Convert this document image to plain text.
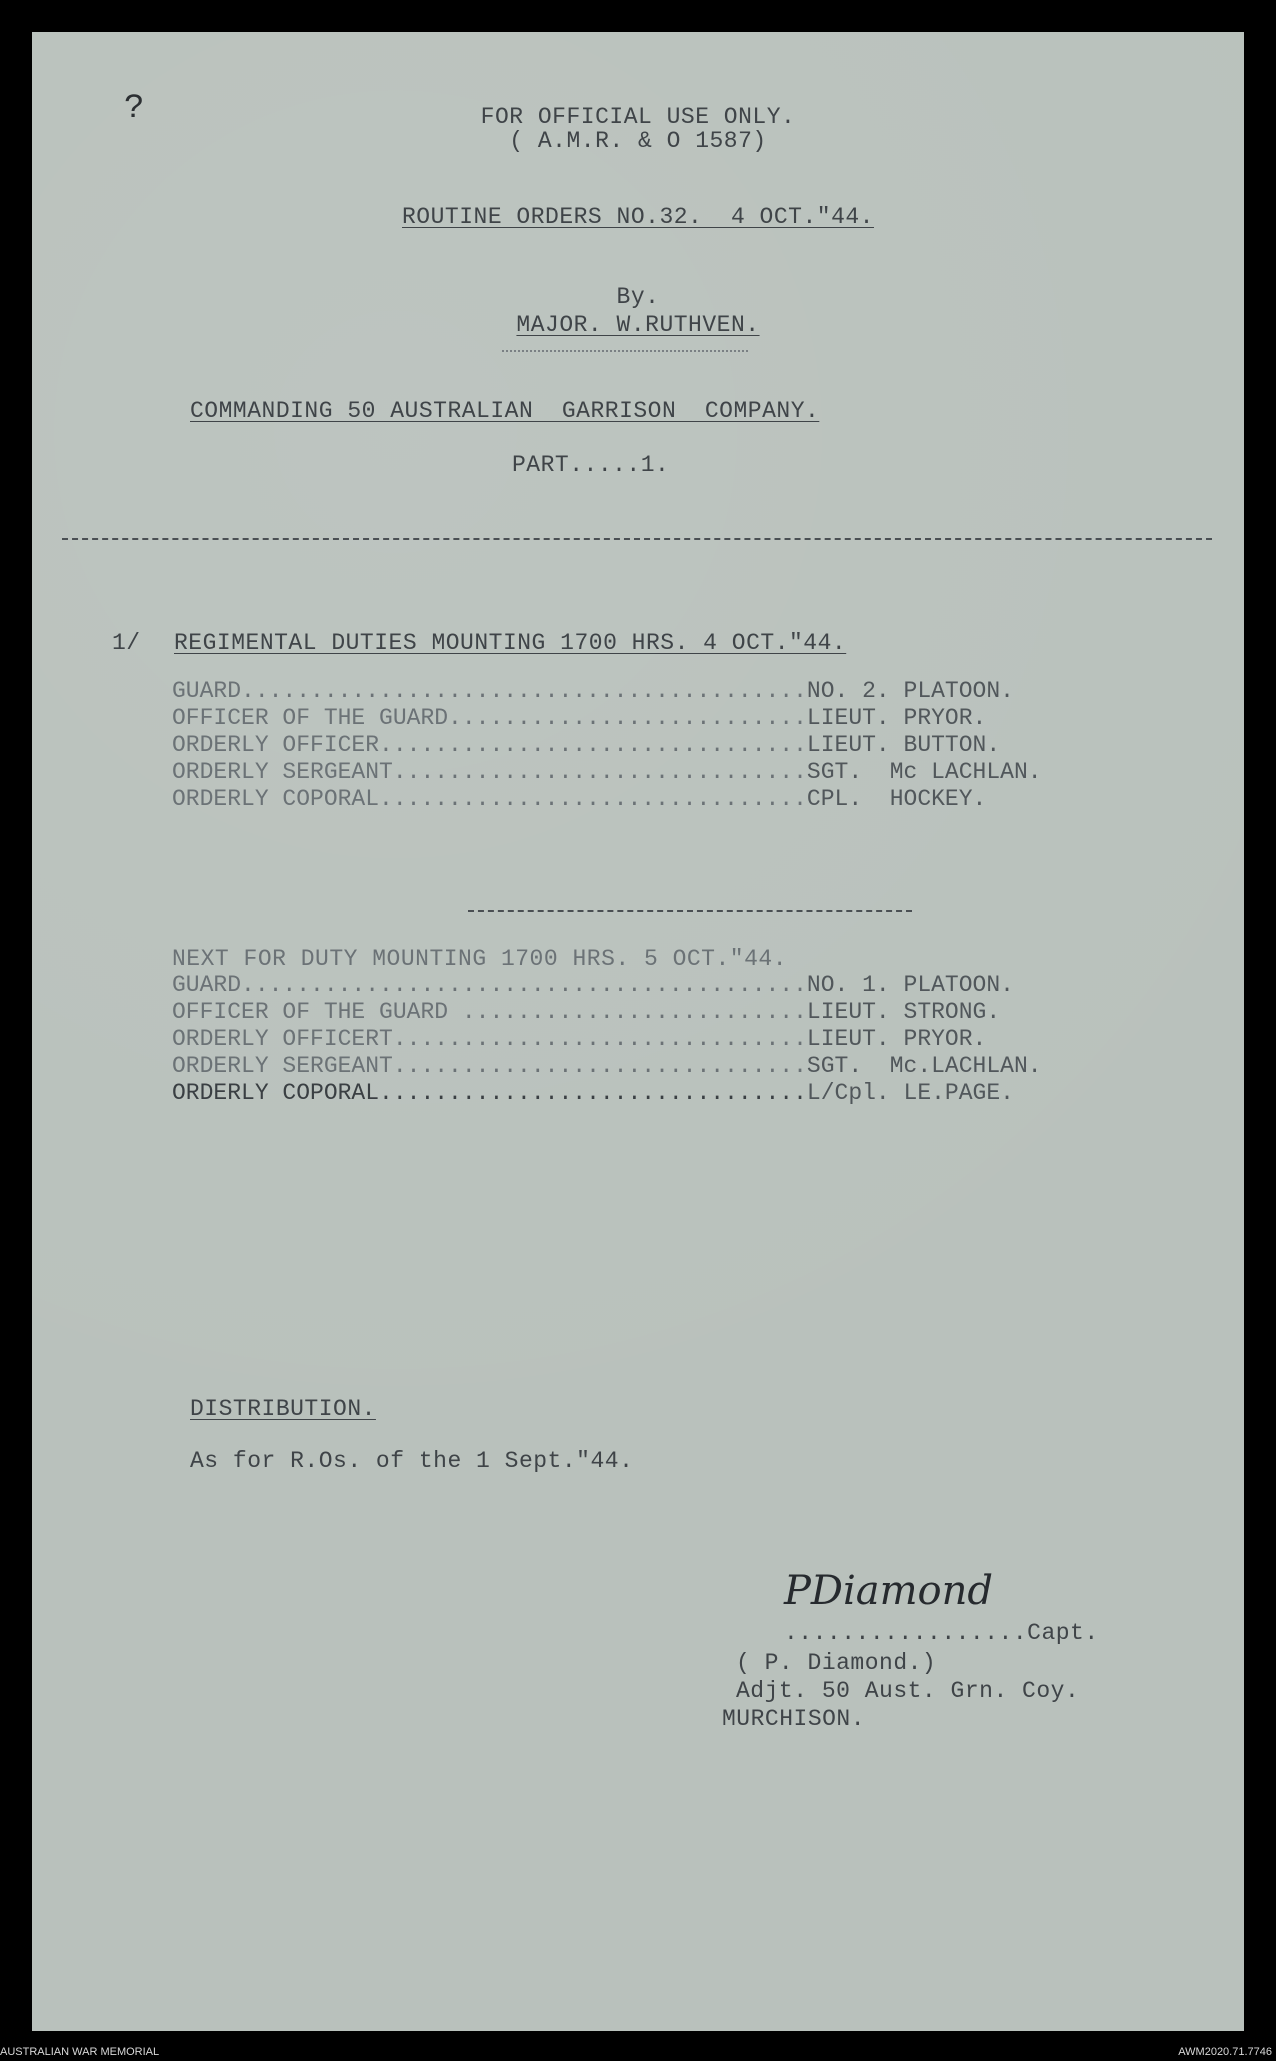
?	FOR OFFICIAL USE ONLY.
( A.M.R. & O 1587)
ROUTINE ORDERS NO.32.  4 OCT."44.
By.
MAJOR. W.RUTHVEN.
COMMANDING 50 AUSTRALIAN  GARRISON  COMPANY.
PART.....1.
1/ REGIMENTAL DUTIES MOUNTING 1700 HRS. 4 OCT."44.
GUARD.........................................	NO. 2. PLATOON.
OFFICER OF THE GUARD..........................	LIEUT. PRYOR.
ORDERLY OFFICER...............................	LIEUT. BUTTON.
ORDERLY SERGEANT..............................	SGT.  Mc LACHLAN.
ORDERLY COPORAL...............................	CPL.  HOCKEY.
NEXT FOR DUTY MOUNTING 1700 HRS. 5 OCT."44.
GUARD.........................................	NO. 1. PLATOON.
OFFICER OF THE GUARD .........................	LIEUT. STRONG.
ORDERLY OFFICERT..............................	LIEUT. PRYOR.
ORDERLY SERGEANT..............................	SGT.  Mc.LACHLAN.
ORDERLY COPORAL...............................	L/Cpl. LE.PAGE.
DISTRIBUTION.
As for R.Os. of the 1 Sept."44.
PDiamond
.................Capt.
( P. Diamond.)
Adjt. 50 Aust. Grn. Coy.
MURCHISON.
AUSTRALIAN WAR MEMORIAL	AWM2020.71.7746
